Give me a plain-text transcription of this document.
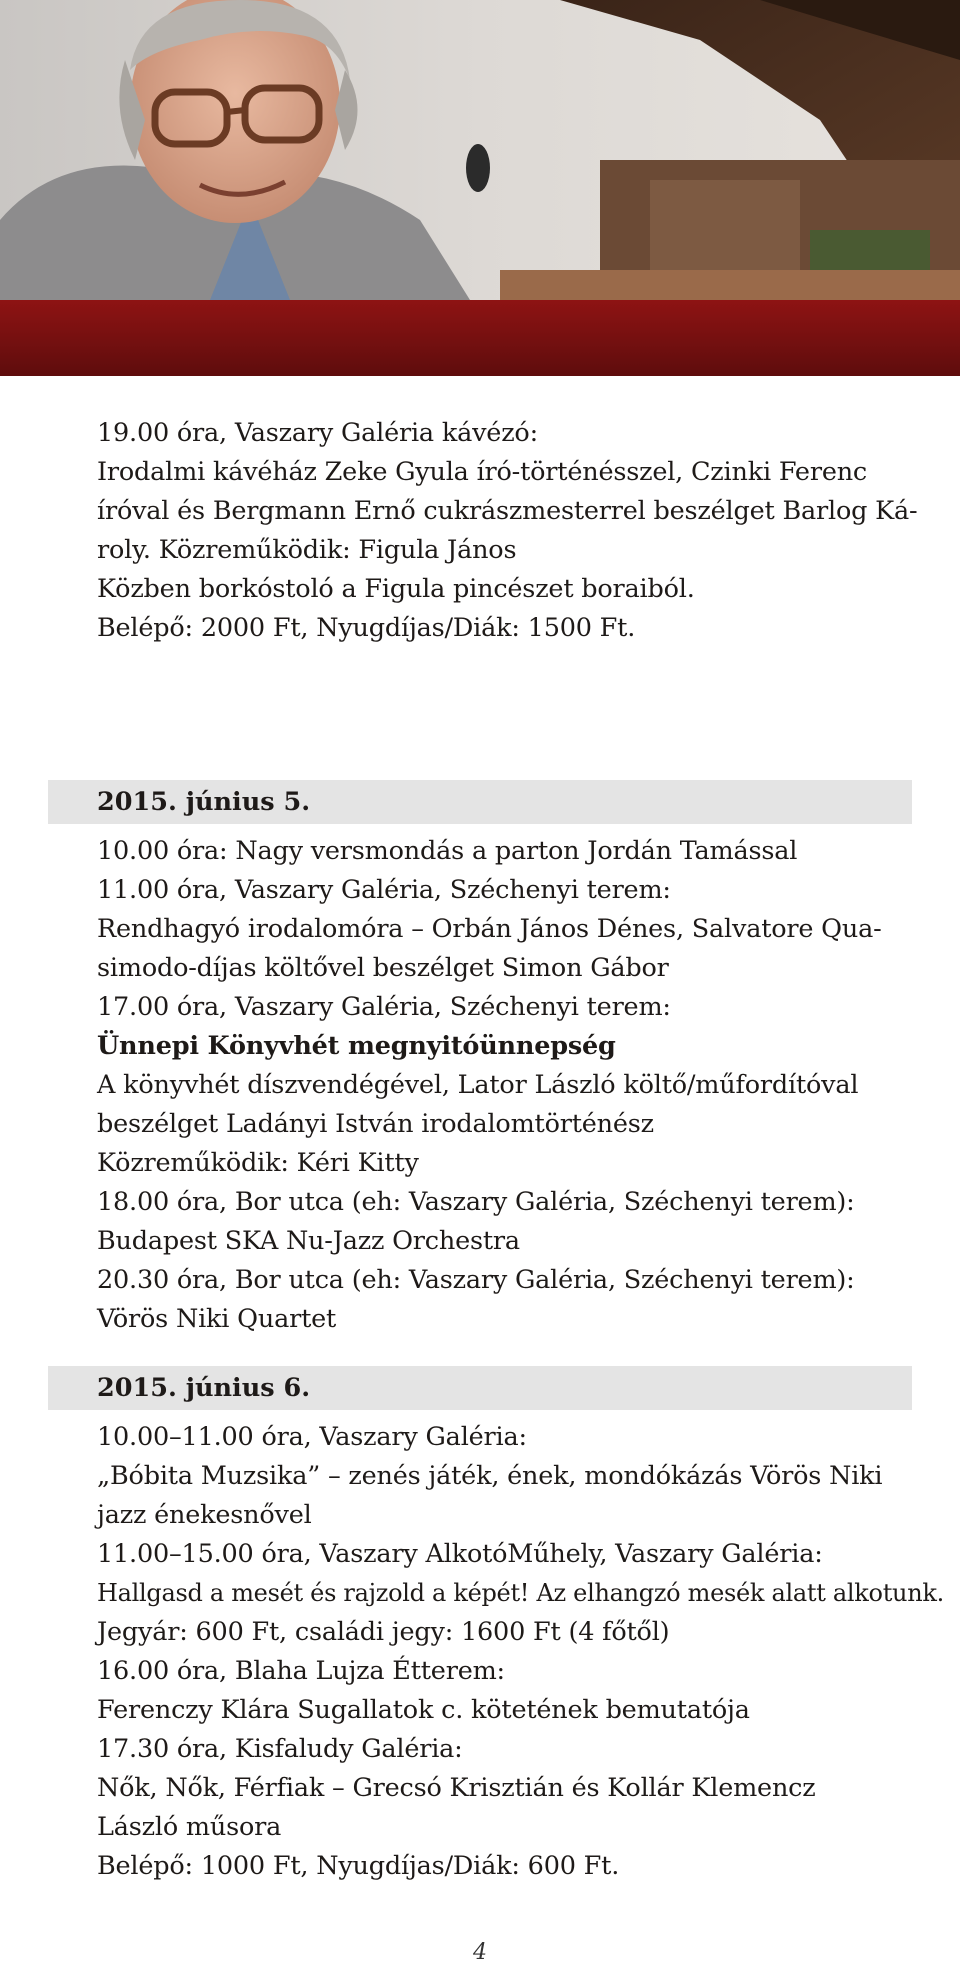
19.00 óra, Vaszary Galéria kávézó:
Irodalmi kávéház Zeke Gyula író-történésszel, Czinki Ferenc
íróval és Bergmann Ernő cukrászmesterrel beszélget Barlog Ká-
roly. Közreműködik: Figula János
Közben borkóstoló a Figula pincészet boraiból.
Belépő: 2000 Ft, Nyugdíjas/Diák: 1500 Ft.
2015. június 5.
10.00 óra: Nagy versmondás a parton Jordán Tamással
11.00 óra, Vaszary Galéria, Széchenyi terem:
Rendhagyó irodalomóra – Orbán János Dénes, Salvatore Qua-
simodo-díjas költővel beszélget Simon Gábor
17.00 óra, Vaszary Galéria, Széchenyi terem:
Ünnepi Könyvhét megnyitóünnepség
A könyvhét díszvendégével, Lator László költő/műfordítóval
beszélget Ladányi István irodalomtörténész
Közreműködik: Kéri Kitty
18.00 óra, Bor utca (eh: Vaszary Galéria, Széchenyi terem):
Budapest SKA Nu-Jazz Orchestra
20.30 óra, Bor utca (eh: Vaszary Galéria, Széchenyi terem):
Vörös Niki Quartet
2015. június 6.
10.00–11.00 óra, Vaszary Galéria:
„Bóbita Muzsika” – zenés játék, ének, mondókázás Vörös Niki
jazz énekesnővel
11.00–15.00 óra, Vaszary AlkotóMűhely, Vaszary Galéria:
Hallgasd a mesét és rajzold a képét! Az elhangzó mesék alatt alkotunk.
Jegyár: 600 Ft, családi jegy: 1600 Ft (4 főtől)
16.00 óra, Blaha Lujza Étterem:
Ferenczy Klára Sugallatok c. kötetének bemutatója
17.30 óra, Kisfaludy Galéria:
Nők, Nők, Férfiak – Grecsó Krisztián és Kollár Klemencz
László műsora
Belépő: 1000 Ft, Nyugdíjas/Diák: 600 Ft.
4
